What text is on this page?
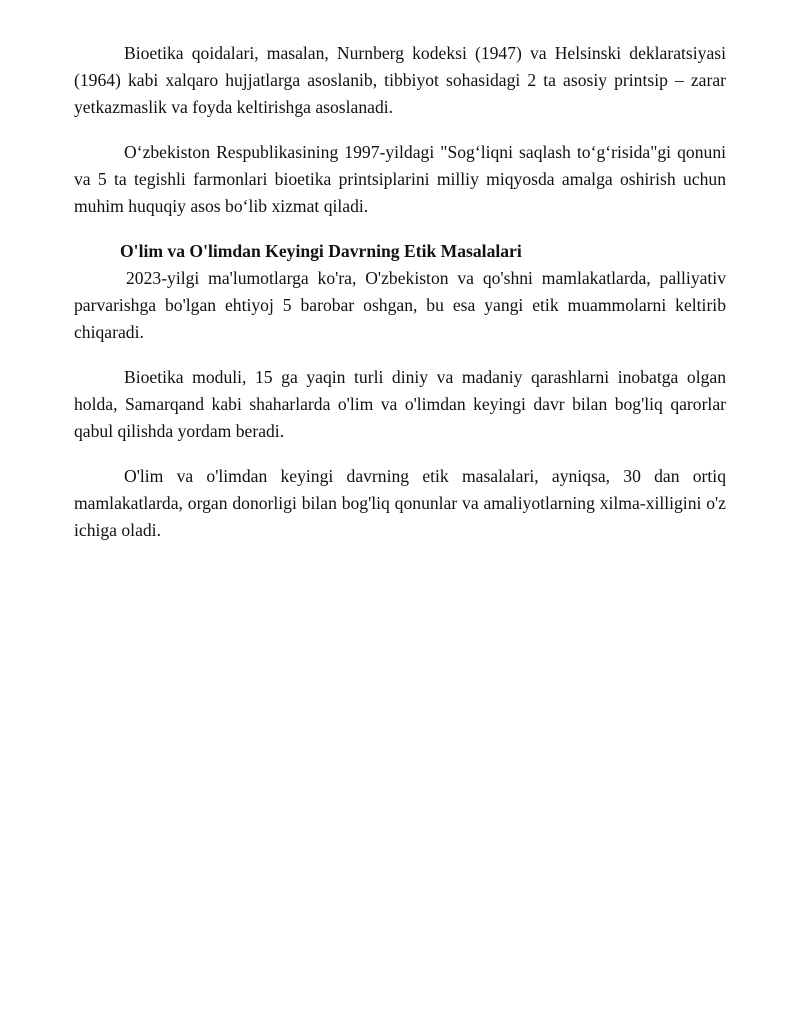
Bioetika qoidalari, masalan, Nurnberg kodeksi (1947) va Helsinski deklaratsiyasi (1964) kabi xalqaro hujjatlarga asoslanib, tibbiyot sohasidagi 2 ta asosiy printsip – zarar yetkazmaslik va foyda keltirishga asoslanadi.

O‘zbekiston Respublikasining 1997-yildagi "Sog‘liqni saqlash to‘g‘risida"gi qonuni va 5 ta tegishli farmonlari bioetika printsiplarini milliy miqyosda amalga oshirish uchun muhim huquqiy asos bo‘lib xizmat qiladi.

O'lim va O'limdan Keyingi Davrning Etik Masalalari

2023-yilgi ma'lumotlarga ko'ra, O'zbekiston va qo'shni mamlakatlarda, palliyativ parvarishga bo'lgan ehtiyoj 5 barobar oshgan, bu esa yangi etik muammolarni keltirib chiqaradi.

Bioetika moduli, 15 ga yaqin turli diniy va madaniy qarashlarni inobatga olgan holda, Samarqand kabi shaharlarda o'lim va o'limdan keyingi davr bilan bog'liq qarorlar qabul qilishda yordam beradi.

O'lim va o'limdan keyingi davrning etik masalalari, ayniqsa, 30 dan ortiq mamlakatlarda, organ donorligi bilan bog'liq qonunlar va amaliyotlarning xilma-xilligini o'z ichiga oladi.
